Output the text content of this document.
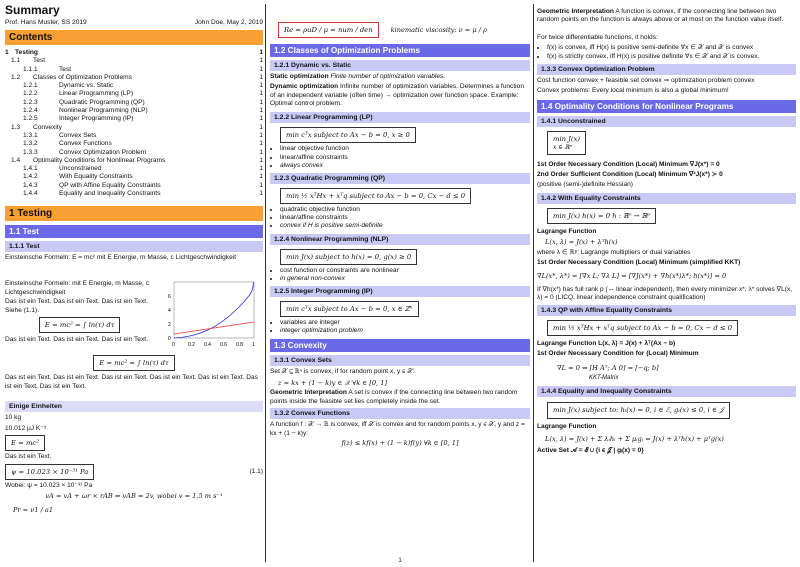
Summary
Prof. Hans Muster, SS 2019	John Doe, May 2, 2019
Contents
1 Testing	1
1.1	Test	1
1.1.1	Test	1
1.2	Classes of Optimization Problems	1
1.2.1	Dynamic vs. Static	1
1.2.2	Linear Programming (LP)	1
1.2.3	Quadratic Programming (QP)	1
1.2.4	Nonlinear Programming (NLP)	1
1.2.5	Integer Programming (IP)	1
1.3	Convexity	1
1.3.1	Convex Sets	1
1.3.2	Convex Functions	1
1.3.3	Convex Optimization Problem	1
1.4	Optimality Conditions for Nonlinear Programs	1
1.4.1	Unconstrained	1
1.4.2	With Equality Constraints	1
1.4.3	QP with Affine Equality Constraints	1
1.4.4	Equality and Inequality Constraints	1
1 Testing
1.1 Test
1.1.1 Test
Einsteinsche Formeln: E = mc² mit E Energie, m Masse, c Lichtgeschwindigkeit
Einsteinsche Formeln: mit E Energie, m Masse, c Lichtgeschwindigkeit
Das ist ein Text. Das ist ein Text. Das ist ein Text. Siehe (1.1).
E = mc² = ∫ ln(τ) dτ
Das ist ein Text. Das ist ein Text. Das ist ein Text.	0
2
4
6
0	0.2 0.4 0.6 0.8 1
E = mc² = ∫ ln(τ) dτ
Das ist ein Text. Das ist ein Text. Das ist ein Text. Das ist ein Text. Das ist ein Text. Das ist ein Text. Das ist ein Text.
Einige Einheiten
10 kg
10.012 µJ K⁻³
E = mc²
Das ist ein Text.
ψ = 10.023 × 10⁻³¹ Pa	(1.1)
Wobei: ψ = 10.023 × 10⁻³¹ Pa
vA = vA + ωr × rAB ⇒ vAB = 2v, wobei v = 1.5 m s⁻¹
Pr = ν1 / a1
Re = ρuD / μ = num / den	kinematic viscosity: ν = μ / ρ
1.2 Classes of Optimization Problems
1.2.1 Dynamic vs. Static
Static optimization Finite number of optimization variables.
Dynamic optimization Infinite number of optimization variables. Determines a function of an independent variable (often time) → optimization over function space. Example: Optimal control problem.
1.2.2 Linear Programming (LP)
min cᵀx subject to Ax − b = 0, x ≥ 0
• linear objective function
• linear/affine constraints
• always convex
1.2.3 Quadratic Programming (QP)
min ½ xᵀHx + xᵀq subject to Ax − b = 0, Cx − d ≤ 0
• quadratic objective function
• linear/affine constraints
• convex if H is positive semi-definite
1.2.4 Nonlinear Programming (NLP)
min J(x) subject to h(x) = 0, g(x) ≥ 0
• cost function or constraints are nonlinear
• in general non-convex
1.2.5 Integer Programming (IP)
min cᵀx subject to Ax − b = 0, x ∈ ℤⁿ
• variables are integer
• integer optimization problem
1.3 Convexity
1.3.1 Convex Sets
Set 𝒳 ⊆ ℝⁿ is convex, if for random point x, y ∈ 𝒳:
z = kx + (1 − k)y ∈ 𝒳 ∀k ∈ [0, 1]
Geometric Interpretation A set is convex if the connecting line between two random points inside the feasible set lies completely inside the set.
1.3.2 Convex Functions
A function f : 𝒳 → ℝ is convex, iff 𝒳 is convex and for random points x, y ∈ 𝒳, y and z = kx + (1 − k)y:
f(z) ≤ kf(x) + (1 − k)f(y) ∀k ∈ [0, 1]
1
Geometric Interpretation A function is convex, if the connecting line between two random points on the function is always above or at most on the function value itself.
For twice differentiable functions, it holds:
• f(x) is convex, iff H(x) is positive semi-definite ∀x ∈ 𝒳 and 𝒳 is convex
• f(x) is strictly convex, iff H(x) is positive definite ∀x ∈ 𝒳 and 𝒳 is convex.
1.3.3 Convex Optimization Problem
Cost function convex + feasible set convex ⇒ optimization problem convex
Convex problems: Every local minimum is also a global minimum!
1.4 Optimality Conditions for Nonlinear Programs
1.4.1 Unconstrained
min J(x)
x ∈ ℝⁿ
1st Order Necessary Condition (Local) Minimum ∇J(x*) = 0
2nd Order Sufficient Condition (Local) Minimum ∇²J(x*) ≻ 0
(positive (semi-)definite Hessian)
1.4.2 With Equality Constraints
min J(x) h(x) = 0 h : ℝⁿ → ℝᵖ
Lagrange Function
L(x, λ) = J(x) + λᵀh(x)
where λ ∈ ℝᵖ: Lagrange multipliers or dual variables
1st Order Necessary Condition (Local) Minimum (simplified KKT)
∇L(x*, λ*) = [∇x L; ∇λ L] = [∇J(x*) + ∇h(x*)λ*; h(x*)] = 0
If ∇h(x*) has full rank p (⇔ linear independent), then every minimizer x*, λ* solves ∇L(x, λ) = 0 (LICQ, linear independence constraint qualification)
1.4.3 QP with Affine Equality Constraints
min ½ xᵀHx + xᵀq subject to Ax − b = 0, Cx − d ≤ 0
Lagrange Function L(x, λ) = J(x) + λᵀ(Ax − b)
1st Order Necessary Condition for (Local) Minimum
∇L = 0 ⇔ [H Aᵀ; A 0] = [−q; b]
KKT-Matrix
1.4.4 Equality and Inequality Constraints
min J(x) subject to: hᵢ(x) = 0, i ∈ ℰ, gᵢ(x) ≤ 0, i ∈ 𝒥
Lagrange Function
L(x, λ) = J(x) + Σ λᵢhᵢ + Σ μᵢgᵢ = J(x) + λᵀh(x) + μᵀg(x)
Active Set 𝒜 = ℰ ∪ {i ∈ 𝒥 | gᵢ(x) = 0}
